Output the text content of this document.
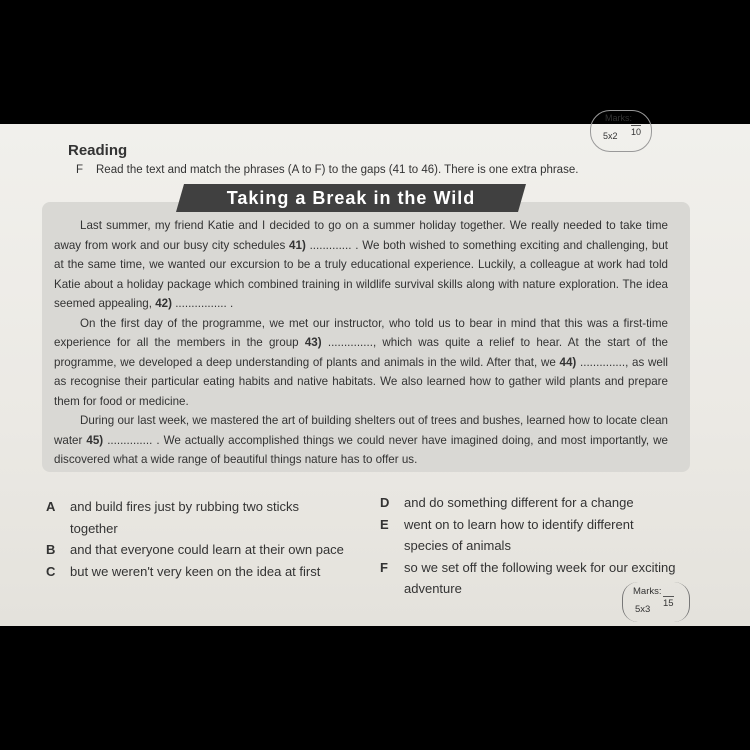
Marks:
5x2 10
Reading
F Read the text and match the phrases (A to F) to the gaps (41 to 46). There is one extra phrase.
Taking a Break in the Wild

Last summer, my friend Katie and I decided to go on a summer holiday together. We really needed to take time away from work and our busy city schedules 41) ............. . We both wished to something exciting and challenging, but at the same time, we wanted our excursion to be a truly educational experience. Luckily, a colleague at work had told Katie about a holiday package which combined training in wildlife survival skills along with nature exploration. The idea seemed appealing, 42) ................ .

On the first day of the programme, we met our instructor, who told us to bear in mind that this was a first-time experience for all the members in the group 43) .............., which was quite a relief to hear. At the start of the programme, we developed a deep understanding of plants and animals in the wild. After that, we 44) .............., as well as recognise their particular eating habits and native habitats. We also learned how to gather wild plants and prepare them for food or medicine.

During our last week, we mastered the art of building shelters out of trees and bushes, learned how to locate clean water 45) .............. . We actually accomplished things we could never have imagined doing, and most importantly, we discovered what a wide range of beautiful things nature has to offer us.

A and build fires just by rubbing two sticks together
B and that everyone could learn at their own pace
C but we weren't very keen on the idea at first
D and do something different for a change
E went on to learn how to identify different species of animals
F so we set off the following week for our exciting adventure	Marks:
5x3
15
